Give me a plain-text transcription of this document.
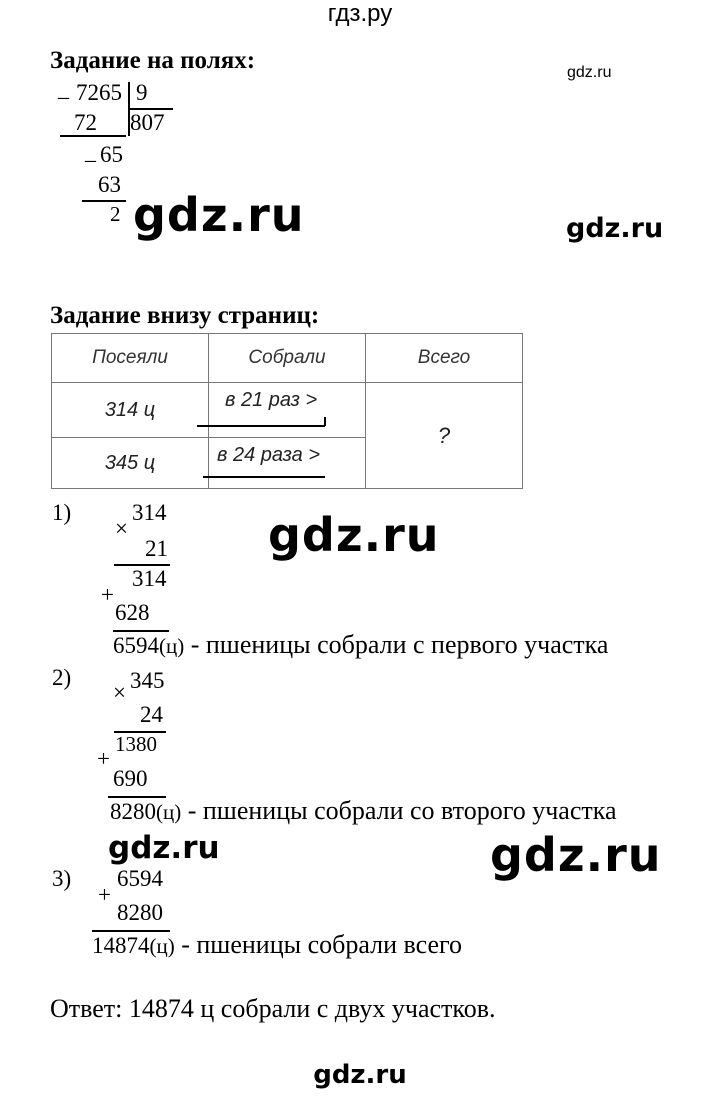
гдз.ру
Задание на полях:
_ 7265 9
807
72
_ 65
63
2
gdz.ru
gdz.ru	gdz.ru
Задание внизу страниц:
Посеяли	Собрали	Всего
314 ц	в 21 раз >	?
345 ц	в 24 раза >	
1)
×
314
21
314
+
628
6594(ц) - пшеницы собрали с первого участка
gdz.ru
2)
× 345
24
1380
+
690
8280(ц) - пшеницы собрали со второго участка
gdz.ru	gdz.ru
3) 6594
+
8280
14874(ц) - пшеницы собрали всего
Ответ: 14874 ц собрали с двух участков.
gdz.ru
